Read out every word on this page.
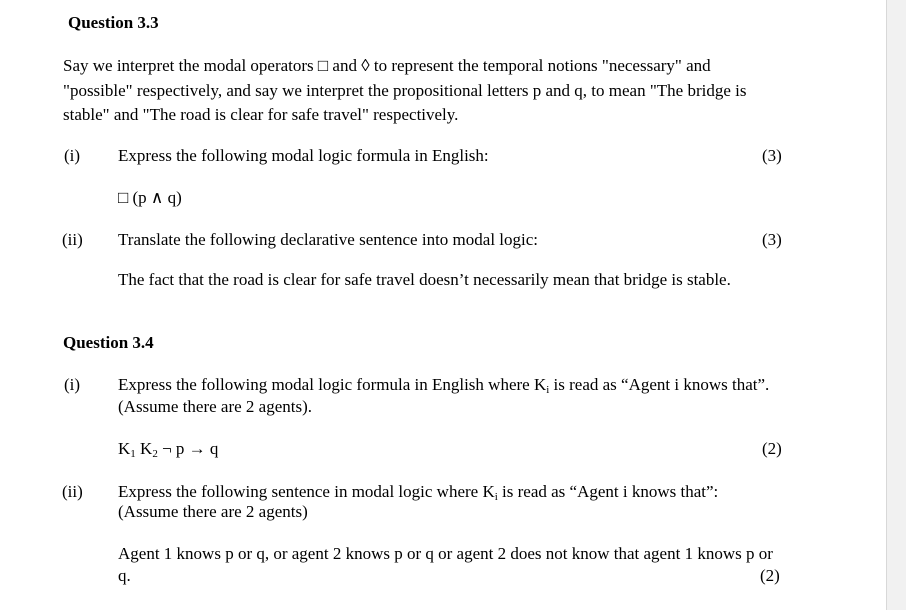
Question 3.3
Say we interpret the modal operators □ and ◊ to represent the temporal notions "necessary" and
"possible" respectively, and say we interpret the propositional letters p and q, to mean "The bridge is
stable" and "The road is clear for safe travel" respectively.
(i) Express the following modal logic formula in English:	(3)
□ (p ∧ q)
(ii) Translate the following declarative sentence into modal logic:	(3)
The fact that the road is clear for safe travel doesn’t necessarily mean that bridge is stable.
Question 3.4
(i) Express the following modal logic formula in English where $K_i$ is read as “Agent i knows that”.
(Assume there are 2 agents).
$K_1$ $K_2$ ¬ p → q	(2)
(ii) Express the following sentence in modal logic where $K_i$ is read as “Agent i knows that”:
(Assume there are 2 agents)
Agent 1 knows p or q, or agent 2 knows p or q or agent 2 does not know that agent 1 knows p or
q.	(2)
